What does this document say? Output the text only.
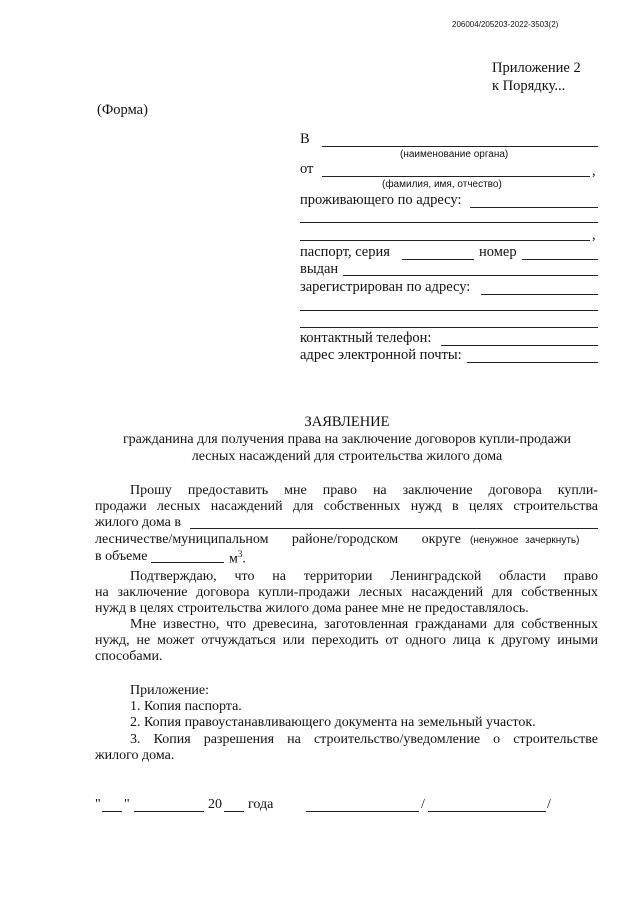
206004/205203-2022-3503(2)
Приложение 2
к Порядку...
(Форма)
В
(наименование органа)
от	,
(фамилия, имя, отчество)
проживающего по адресу:
,
паспорт, серия	номер
выдан
зарегистрирован по адресу:
контактный телефон:
адрес электронной почты:
ЗАЯВЛЕНИЕ
гражданина для получения права на заключение договоров купли-продажи
лесных насаждений для строительства жилого дома
Прошу предоставить мне право на заключение договора купли-
продажи лесных насаждений для собственных нужд в целях строительства
жилого дома в
лесничестве/муниципальном районе/городском округе (ненужное зачеркнуть)
в объеме	$м^3$.
Подтверждаю, что на территории Ленинградской области право
на заключение договора купли-продажи лесных насаждений для собственных
нужд в целях строительства жилого дома ранее мне не предоставлялось.
Мне известно, что древесина, заготовленная гражданами для собственных
нужд, не может отчуждаться или переходить от одного лица к другому иными
способами.
Приложение:
1. Копия паспорта.
2. Копия правоустанавливающего документа на земельный участок.
3. Копия разрешения на строительство/уведомление о строительстве
жилого дома.
" "	20 года	/	/
